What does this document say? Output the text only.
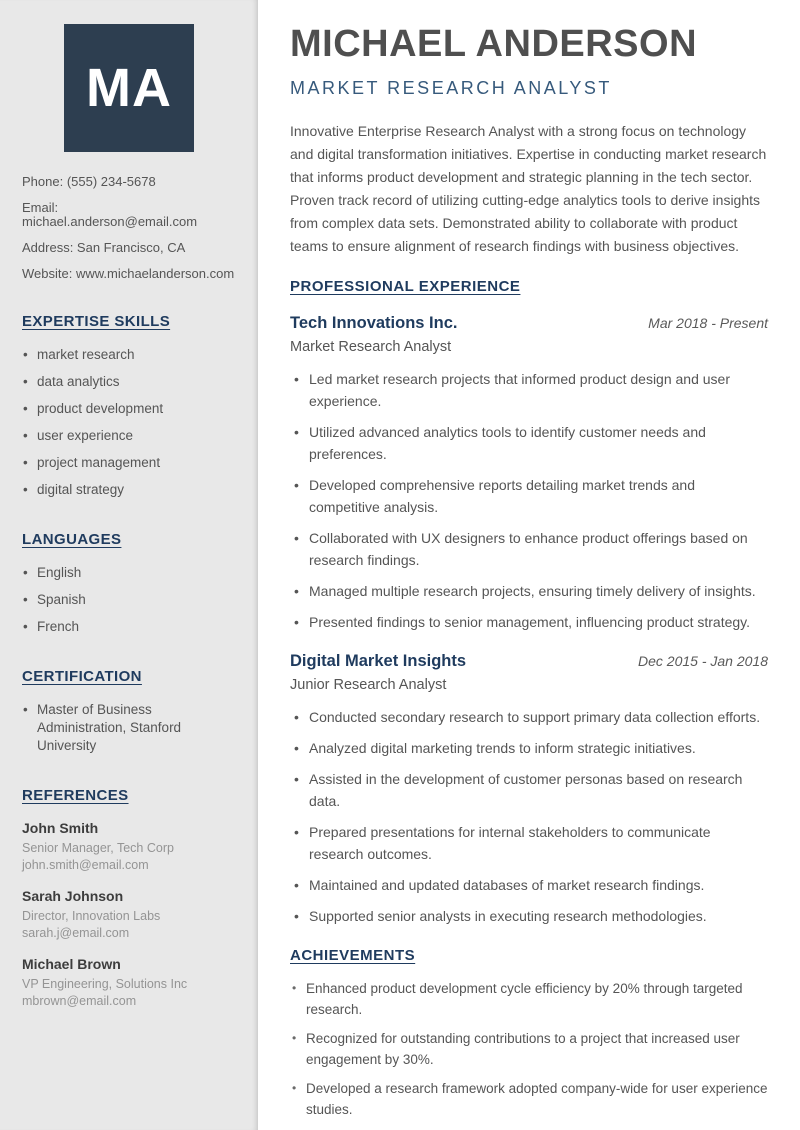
MA
Phone: (555) 234-5678
Email: michael.anderson@email.com
Address: San Francisco, CA
Website: www.michaelanderson.com
EXPERTISE SKILLS
• market research
• data analytics
• product development
• user experience
• project management
• digital strategy
LANGUAGES
• English
• Spanish
• French
CERTIFICATION
• Master of Business Administration, Stanford University
REFERENCES
John Smith
Senior Manager, Tech Corp
john.smith@email.com
Sarah Johnson
Director, Innovation Labs
sarah.j@email.com
Michael Brown
VP Engineering, Solutions Inc
mbrown@email.com
MICHAEL ANDERSON
MARKET RESEARCH ANALYST

Innovative Enterprise Research Analyst with a strong focus on technology and digital transformation initiatives. Expertise in conducting market research that informs product development and strategic planning in the tech sector. Proven track record of utilizing cutting-edge analytics tools to derive insights from complex data sets. Demonstrated ability to collaborate with product teams to ensure alignment of research findings with business objectives.

PROFESSIONAL EXPERIENCE
Tech Innovations Inc.	Mar 2018 - Present
Market Research Analyst
• Led market research projects that informed product design and user experience.
• Utilized advanced analytics tools to identify customer needs and preferences.
• Developed comprehensive reports detailing market trends and competitive analysis.
• Collaborated with UX designers to enhance product offerings based on research findings.
• Managed multiple research projects, ensuring timely delivery of insights.
• Presented findings to senior management, influencing product strategy.
Digital Market Insights	Dec 2015 - Jan 2018
Junior Research Analyst
• Conducted secondary research to support primary data collection efforts.
• Analyzed digital marketing trends to inform strategic initiatives.
• Assisted in the development of customer personas based on research data.
• Prepared presentations for internal stakeholders to communicate research outcomes.
• Maintained and updated databases of market research findings.
• Supported senior analysts in executing research methodologies.
ACHIEVEMENTS
• Enhanced product development cycle efficiency by 20% through targeted research.
• Recognized for outstanding contributions to a project that increased user engagement by 30%.
• Developed a research framework adopted company-wide for user experience studies.
